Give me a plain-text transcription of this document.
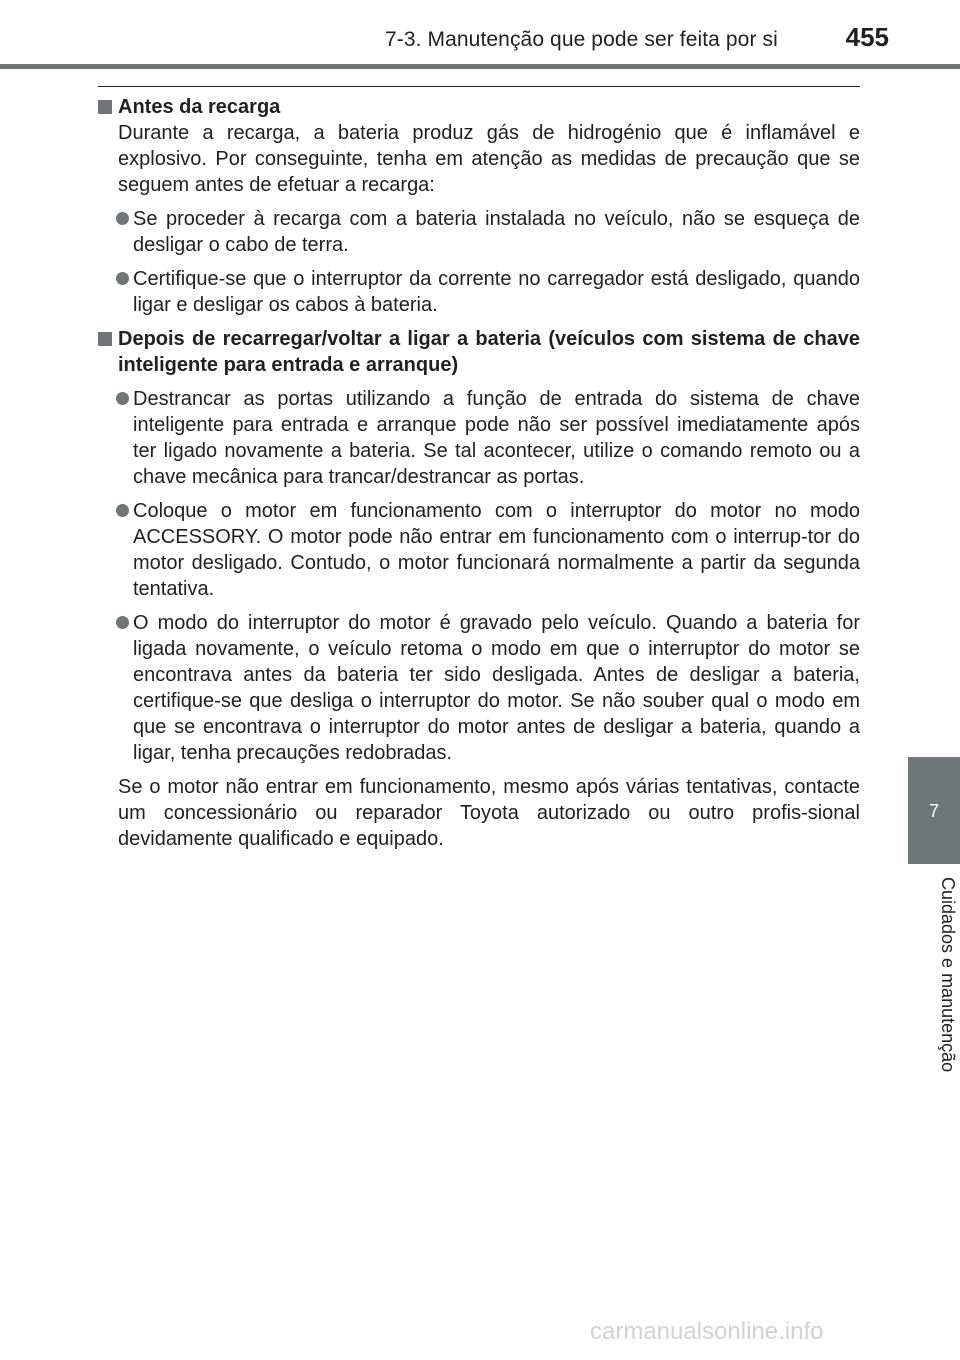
7-3. Manutenção que pode ser feita por si	455
7
Cuidados e manutenção
Antes da recarga
Durante a recarga, a bateria produz gás de hidrogénio que é inflamável e explosivo. Por conseguinte, tenha em atenção as medidas de precaução que se seguem antes de efetuar a recarga:
Se proceder à recarga com a bateria instalada no veículo, não se esqueça de desligar o cabo de terra.
Certifique-se que o interruptor da corrente no carregador está desligado, quando ligar e desligar os cabos à bateria.
Depois de recarregar/voltar a ligar a bateria (veículos com sistema de chave inteligente para entrada e arranque)
Destrancar as portas utilizando a função de entrada do sistema de chave inteligente para entrada e arranque pode não ser possível imediatamente após ter ligado novamente a bateria. Se tal acontecer, utilize o comando remoto ou a chave mecânica para trancar/destrancar as portas.
Coloque o motor em funcionamento com o interruptor do motor no modo ACCESSORY. O motor pode não entrar em funcionamento com o interrup-tor do motor desligado. Contudo, o motor funcionará normalmente a partir da segunda tentativa.
O modo do interruptor do motor é gravado pelo veículo. Quando a bateria for ligada novamente, o veículo retoma o modo em que o interruptor do motor se encontrava antes da bateria ter sido desligada. Antes de desligar a bateria, certifique-se que desliga o interruptor do motor. Se não souber qual o modo em que se encontrava o interruptor do motor antes de desligar a bateria, quando a ligar, tenha precauções redobradas.
Se o motor não entrar em funcionamento, mesmo após várias tentativas, contacte um concessionário ou reparador Toyota autorizado ou outro profis-sional devidamente qualificado e equipado.
carmanualsonline.info
